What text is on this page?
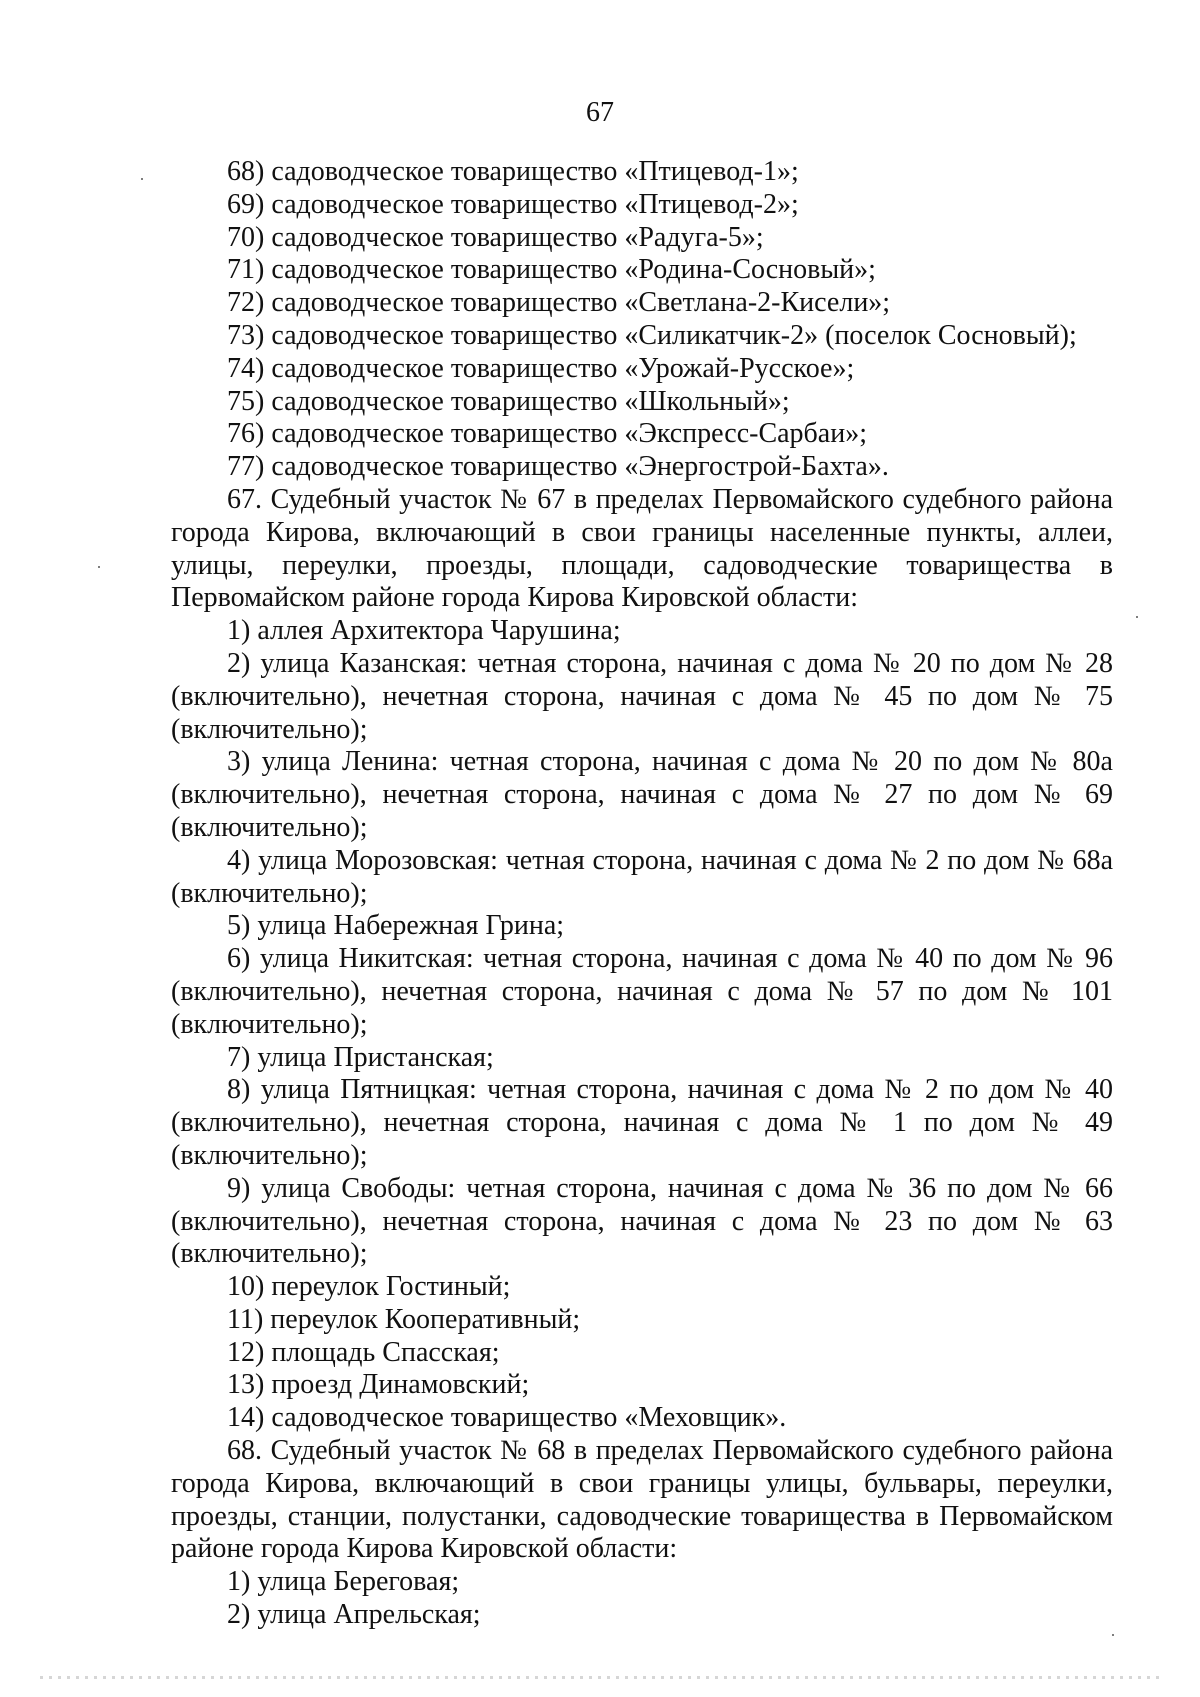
67
68) садоводческое товарищество «Птицевод-1»;
69) садоводческое товарищество «Птицевод-2»;
70) садоводческое товарищество «Радуга-5»;
71) садоводческое товарищество «Родина-Сосновый»;
72) садоводческое товарищество «Светлана-2-Кисели»;
73) садоводческое товарищество «Силикатчик-2» (поселок Сосновый);
74) садоводческое товарищество «Урожай-Русское»;
75) садоводческое товарищество «Школьный»;
76) садоводческое товарищество «Экспресс-Сарбаи»;
77) садоводческое товарищество «Энергострой-Бахта».
67. Судебный участок № 67 в пределах Первомайского судебного района
города Кирова, включающий в свои границы населенные пункты, аллеи,
улицы, переулки, проезды, площади, садоводческие товарищества в
Первомайском районе города Кирова Кировской области:
1) аллея Архитектора Чарушина;
2) улица Казанская: четная сторона, начиная с дома № 20 по дом № 28
(включительно), нечетная сторона, начиная с дома № 45 по дом № 75
(включительно);
3) улица Ленина: четная сторона, начиная с дома № 20 по дом № 80а
(включительно), нечетная сторона, начиная с дома № 27 по дом № 69
(включительно);
4) улица Морозовская: четная сторона, начиная с дома № 2 по дом № 68а
(включительно);
5) улица Набережная Грина;
6) улица Никитская: четная сторона, начиная с дома № 40 по дом № 96
(включительно), нечетная сторона, начиная с дома № 57 по дом № 101
(включительно);
7) улица Пристанская;
8) улица Пятницкая: четная сторона, начиная с дома № 2 по дом № 40
(включительно), нечетная сторона, начиная с дома № 1 по дом № 49
(включительно);
9) улица Свободы: четная сторона, начиная с дома № 36 по дом № 66
(включительно), нечетная сторона, начиная с дома № 23 по дом № 63
(включительно);
10) переулок Гостиный;
11) переулок Кооперативный;
12) площадь Спасская;
13) проезд Динамовский;
14) садоводческое товарищество «Меховщик».
68. Судебный участок № 68 в пределах Первомайского судебного района
города Кирова, включающий в свои границы улицы, бульвары, переулки,
проезды, станции, полустанки, садоводческие товарищества в Первомайском
районе города Кирова Кировской области:
1) улица Береговая;
2) улица Апрельская;
